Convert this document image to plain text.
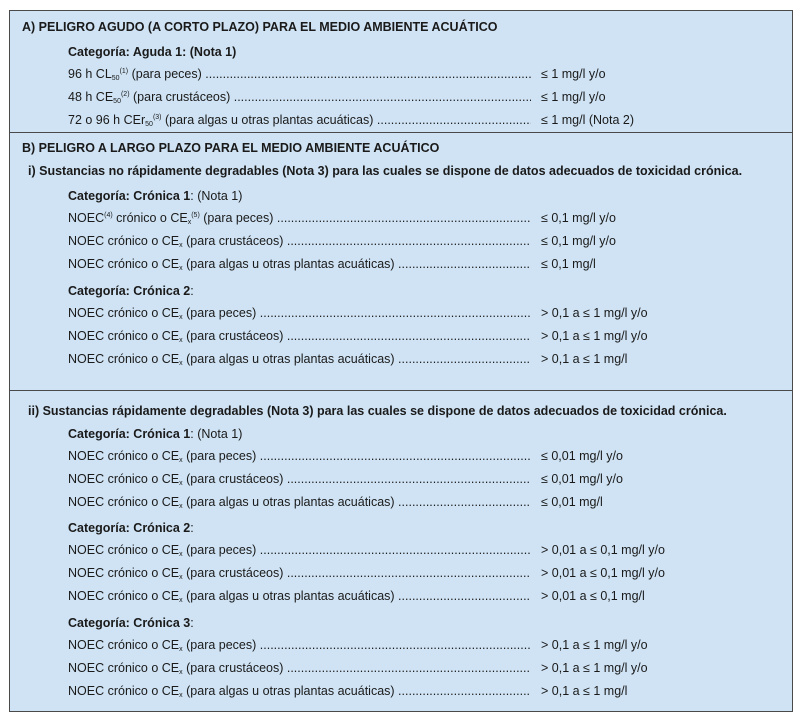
A) PELIGRO AGUDO (A CORTO PLAZO) PARA EL MEDIO AMBIENTE ACUÁTICO
Categoría: Aguda 1: (Nota 1)
96 h $CL_{50}^{(1)}$ (para peces) .....	≤ 1 mg/l y/o
48 h $CE_{50}^{(2)}$ (para crustáceos) .....	≤ 1 mg/l y/o
72 o 96 h CEr$_{50}^{(3)}$ (para algas u otras plantas acuáticas) .....	≤ 1 mg/l (Nota 2)
B) PELIGRO A LARGO PLAZO PARA EL MEDIO AMBIENTE ACUÁTICO
i) Sustancias no rápidamente degradables (Nota 3) para las cuales se dispone de datos adecuados de toxicidad crónica.
Categoría: Crónica 1: (Nota 1)
NOEC$^{(4)}$ crónico o $CE_x^{(5)}$ (para peces) .....	≤ 0,1 mg/l y/o
NOEC crónico o $CE_x$ (para crustáceos) .....	≤ 0,1 mg/l y/o
NOEC crónico o $CE_x$ (para algas u otras plantas acuáticas) .....	≤ 0,1 mg/l
Categoría: Crónica 2:
NOEC crónico o $CE_x$ (para peces) .....	> 0,1 a ≤ 1 mg/l y/o
NOEC crónico o $CE_x$ (para crustáceos) .....	> 0,1 a ≤ 1 mg/l y/o
NOEC crónico o $CE_x$ (para algas u otras plantas acuáticas) .....	> 0,1 a ≤ 1 mg/l
ii) Sustancias rápidamente degradables (Nota 3) para las cuales se dispone de datos adecuados de toxicidad crónica.
Categoría: Crónica 1: (Nota 1)
NOEC crónico o $CE_x$ (para peces) .....	≤ 0,01 mg/l y/o
NOEC crónico o $CE_x$ (para crustáceos) .....	≤ 0,01 mg/l y/o
NOEC crónico o $CE_x$ (para algas u otras plantas acuáticas) .....	≤ 0,01 mg/l
Categoría: Crónica 2:
NOEC crónico o $CE_x$ (para peces) .....	> 0,01 a ≤ 0,1 mg/l y/o
NOEC crónico o $CE_x$ (para crustáceos) .....	> 0,01 a ≤ 0,1 mg/l y/o
NOEC crónico o $CE_x$ (para algas u otras plantas acuáticas) .....	> 0,01 a ≤ 0,1 mg/l
Categoría: Crónica 3:
NOEC crónico o $CE_x$ (para peces) .....	> 0,1 a ≤ 1 mg/l y/o
NOEC crónico o $CE_x$ (para crustáceos) .....	> 0,1 a ≤ 1 mg/l y/o
NOEC crónico o $CE_x$ (para algas u otras plantas acuáticas) .....	> 0,1 a ≤ 1 mg/l
